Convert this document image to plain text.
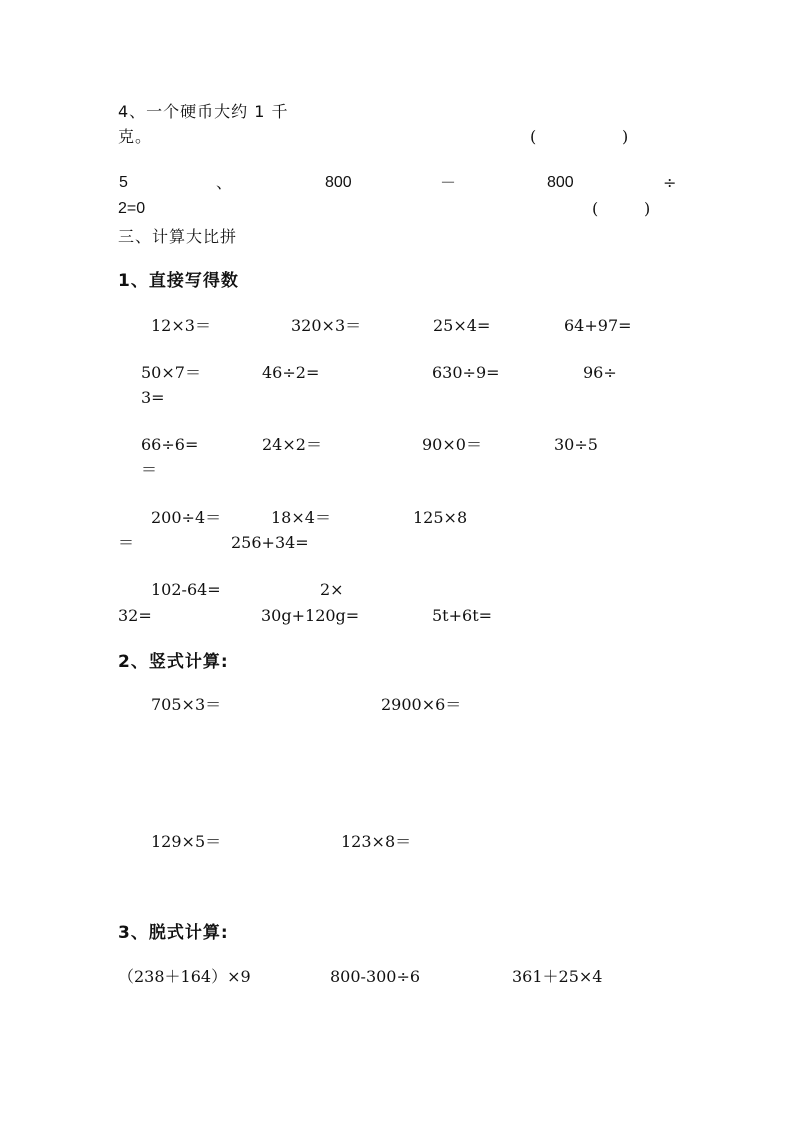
4、一个硬币大约 1 千
克。	(	)
5	、	800	－	800	÷
2=0	(	)
三、计算大比拼
1、直接写得数
12×3＝	320×3＝	25×4=	64+97=
50×7＝	46÷2=	630÷9=	96÷
3=
66÷6=	24×2＝	90×0＝	30÷5
＝
200÷4＝	18×4＝	125×8
＝	256+34=
102-64=	2×
32=	30g+120g=	5t+6t=
2、竖式计算:
705×3＝	2900×6＝
129×5＝	123×8＝
3、脱式计算:
（238＋164）×9	800-300÷6	361＋25×4
